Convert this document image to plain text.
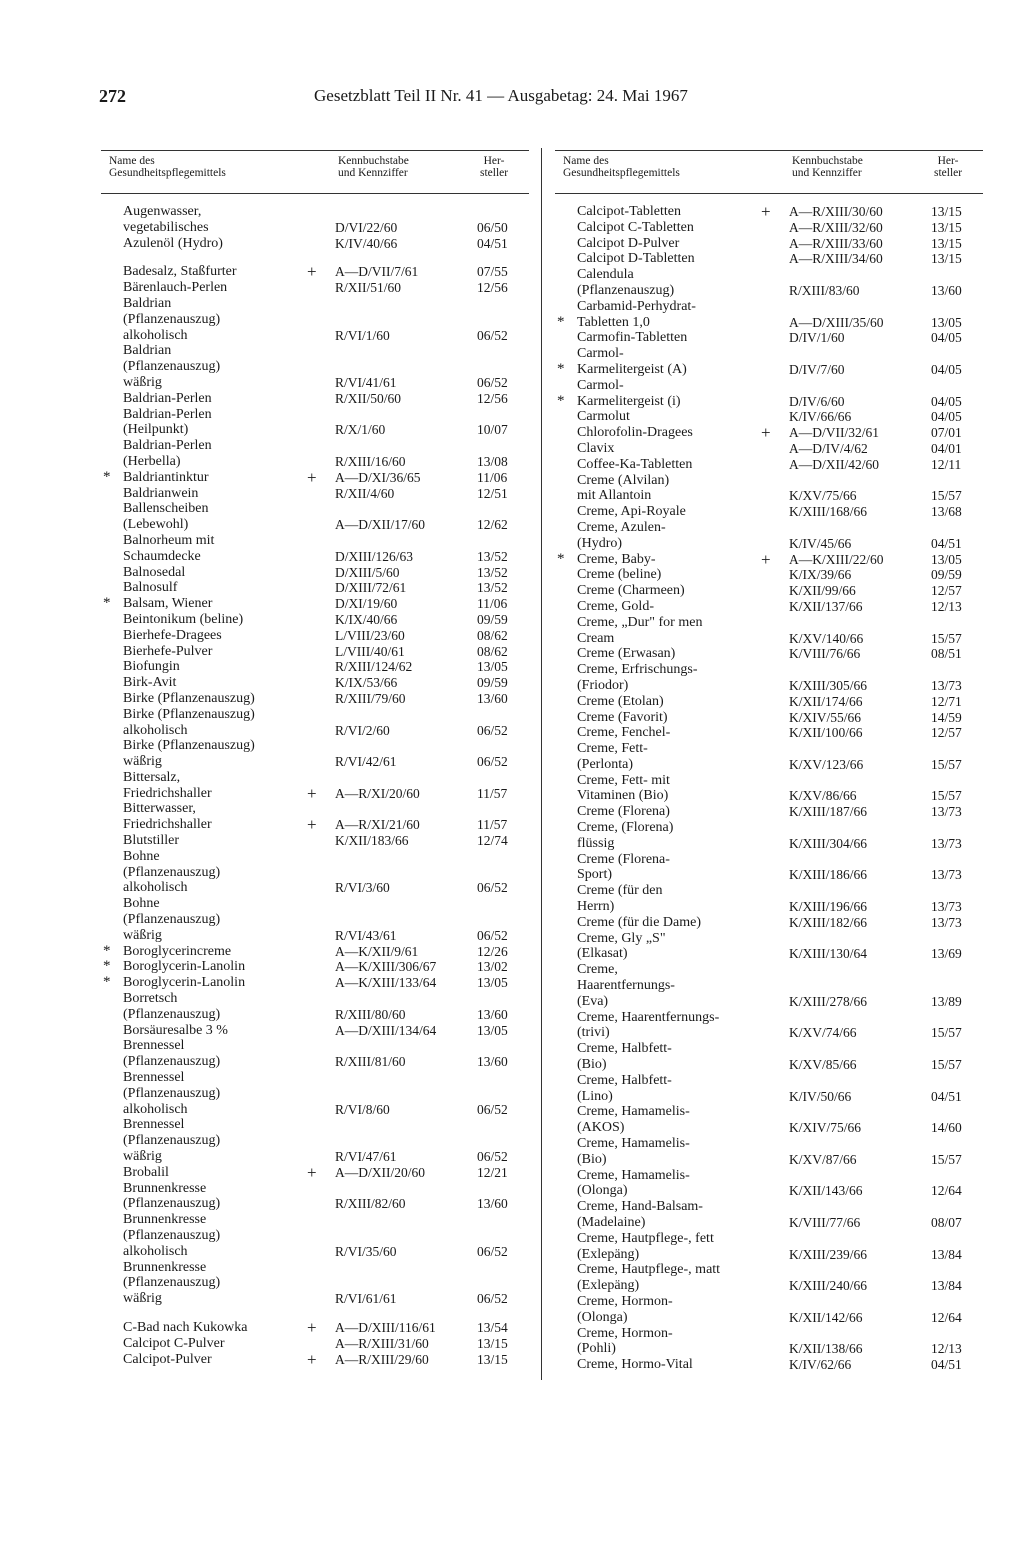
272	Gesetzblatt Teil II Nr. 41 — Ausgabetag: 24. Mai 1967
Name des
Gesundheitspflegemittels
Kennbuchstabe
und Kennziffer
Her-
steller
Augenwasser,
vegetabilisches	D/VI/22/60	06/50
Azulenöl (Hydro)	K/IV/40/66	04/51
Badesalz, Staßfurter	+ A—D/VII/7/61	07/55
Bärenlauch-Perlen	R/XII/51/60	12/56
Baldrian
(Pflanzenauszug)
alkoholisch	R/VI/1/60	06/52
Baldrian
(Pflanzenauszug)
wäßrig	R/VI/41/61	06/52
Baldrian-Perlen	R/XII/50/60	12/56
Baldrian-Perlen
(Heilpunkt)	R/X/1/60	10/07
Baldrian-Perlen
(Herbella)	R/XIII/16/60	13/08
Baldriantinktur
*	+ A—D/XI/36/65	11/06
Baldrianwein	R/XII/4/60	12/51
Ballenscheiben
(Lebewohl)	A—D/XII/17/60	12/62
Balnorheum mit
Schaumdecke	D/XIII/126/63	13/52
Balnosedal	D/XIII/5/60	13/52
Balnosulf	D/XIII/72/61	13/52
Balsam, Wiener
*	D/XI/19/60	11/06
Beintonikum (beline)	K/IX/40/66	09/59
Bierhefe-Dragees	L/VIII/23/60	08/62
Bierhefe-Pulver	L/VIII/40/61	08/62
Biofungin	R/XIII/124/62	13/05
Birk-Avit	K/IX/53/66	09/59
Birke (Pflanzenauszug)	R/XIII/79/60	13/60
Birke (Pflanzenauszug)
alkoholisch	R/VI/2/60	06/52
Birke (Pflanzenauszug)
wäßrig	R/VI/42/61	06/52
Bittersalz,
Friedrichshaller	+ A—R/XI/20/60	11/57
Bitterwasser,
Friedrichshaller	+ A—R/XI/21/60	11/57
Blutstiller	K/XII/183/66	12/74
Bohne
(Pflanzenauszug)
alkoholisch	R/VI/3/60	06/52
Bohne
(Pflanzenauszug)
wäßrig	R/VI/43/61	06/52
Boroglycerincreme
*	A—K/XII/9/61	12/26
Boroglycerin-Lanolin
*	A—K/XIII/306/67	13/02
Boroglycerin-Lanolin
*	A—K/XIII/133/64	13/05
Borretsch
(Pflanzenauszug)	R/XIII/80/60	13/60
Borsäuresalbe 3 %	A—D/XIII/134/64	13/05
Brennessel
(Pflanzenauszug)	R/XIII/81/60	13/60
Brennessel
(Pflanzenauszug)
alkoholisch	R/VI/8/60	06/52
Brennessel
(Pflanzenauszug)
wäßrig	R/VI/47/61	06/52
Brobalil	+ A—D/XII/20/60	12/21
Brunnenkresse
(Pflanzenauszug)	R/XIII/82/60	13/60
Brunnenkresse
(Pflanzenauszug)
alkoholisch	R/VI/35/60	06/52
Brunnenkresse
(Pflanzenauszug)
wäßrig	R/VI/61/61	06/52
C-Bad nach Kukowka	+ A—D/XIII/116/61	13/54
Calcipot C-Pulver	A—R/XIII/31/60	13/15
Calcipot-Pulver	+ A—R/XIII/29/60	13/15
Name des
Gesundheitspflegemittels
Kennbuchstabe
und Kennziffer
Her-
steller
Calcipot-Tabletten	+ A—R/XIII/30/60	13/15
Calcipot C-Tabletten	A—R/XIII/32/60	13/15
Calcipot D-Pulver	A—R/XIII/33/60	13/15
Calcipot D-Tabletten	A—R/XIII/34/60	13/15
Calendula
(Pflanzenauszug)	R/XIII/83/60	13/60
Carbamid-Perhydrat-
Tabletten 1,0
*	A—D/XIII/35/60	13/05
Carmofin-Tabletten	D/IV/1/60	04/05
Carmol-
Karmelitergeist (A)
*	D/IV/7/60	04/05
Carmol-
Karmelitergeist (i)
*	D/IV/6/60	04/05
Carmolut	K/IV/66/66	04/05
Chlorofolin-Dragees	+ A—D/VII/32/61	07/01
Clavix	A—D/IV/4/62	04/01
Coffee-Ka-Tabletten	A—D/XII/42/60	12/11
Creme (Alvilan)
mit Allantoin	K/XV/75/66	15/57
Creme, Api-Royale	K/XIII/168/66	13/68
Creme, Azulen-
(Hydro)	K/IV/45/66	04/51
Creme, Baby-
*	+ A—K/XIII/22/60	13/05
Creme (beline)	K/IX/39/66	09/59
Creme (Charmeen)	K/XII/99/66	12/57
Creme, Gold-	K/XII/137/66	12/13
Creme, „Dur" for men
Cream	K/XV/140/66	15/57
Creme (Erwasan)	K/VIII/76/66	08/51
Creme, Erfrischungs-
(Friodor)	K/XIII/305/66	13/73
Creme (Etolan)	K/XII/174/66	12/71
Creme (Favorit)	K/XIV/55/66	14/59
Creme, Fenchel-	K/XII/100/66	12/57
Creme, Fett-
(Perlonta)	K/XV/123/66	15/57
Creme, Fett- mit
Vitaminen (Bio)	K/XV/86/66	15/57
Creme (Florena)	K/XIII/187/66	13/73
Creme, (Florena)
flüssig	K/XIII/304/66	13/73
Creme (Florena-
Sport)	K/XIII/186/66	13/73
Creme (für den
Herrn)	K/XIII/196/66	13/73
Creme (für die Dame)	K/XIII/182/66	13/73
Creme, Gly „S"
(Elkasat)	K/XIII/130/64	13/69
Creme,
Haarentfernungs-
(Eva)	K/XIII/278/66	13/89
Creme, Haarentfernungs-
(trivi)	K/XV/74/66	15/57
Creme, Halbfett-
(Bio)	K/XV/85/66	15/57
Creme, Halbfett-
(Lino)	K/IV/50/66	04/51
Creme, Hamamelis-
(AKOS)	K/XIV/75/66	14/60
Creme, Hamamelis-
(Bio)	K/XV/87/66	15/57
Creme, Hamamelis-
(Olonga)	K/XII/143/66	12/64
Creme, Hand-Balsam-
(Madelaine)	K/VIII/77/66	08/07
Creme, Hautpflege-, fett
(Exlepäng)	K/XIII/239/66	13/84
Creme, Hautpflege-, matt
(Exlepäng)	K/XIII/240/66	13/84
Creme, Hormon-
(Olonga)	K/XII/142/66	12/64
Creme, Hormon-
(Pohli)	K/XII/138/66	12/13
Creme, Hormo-Vital	K/IV/62/66	04/51
